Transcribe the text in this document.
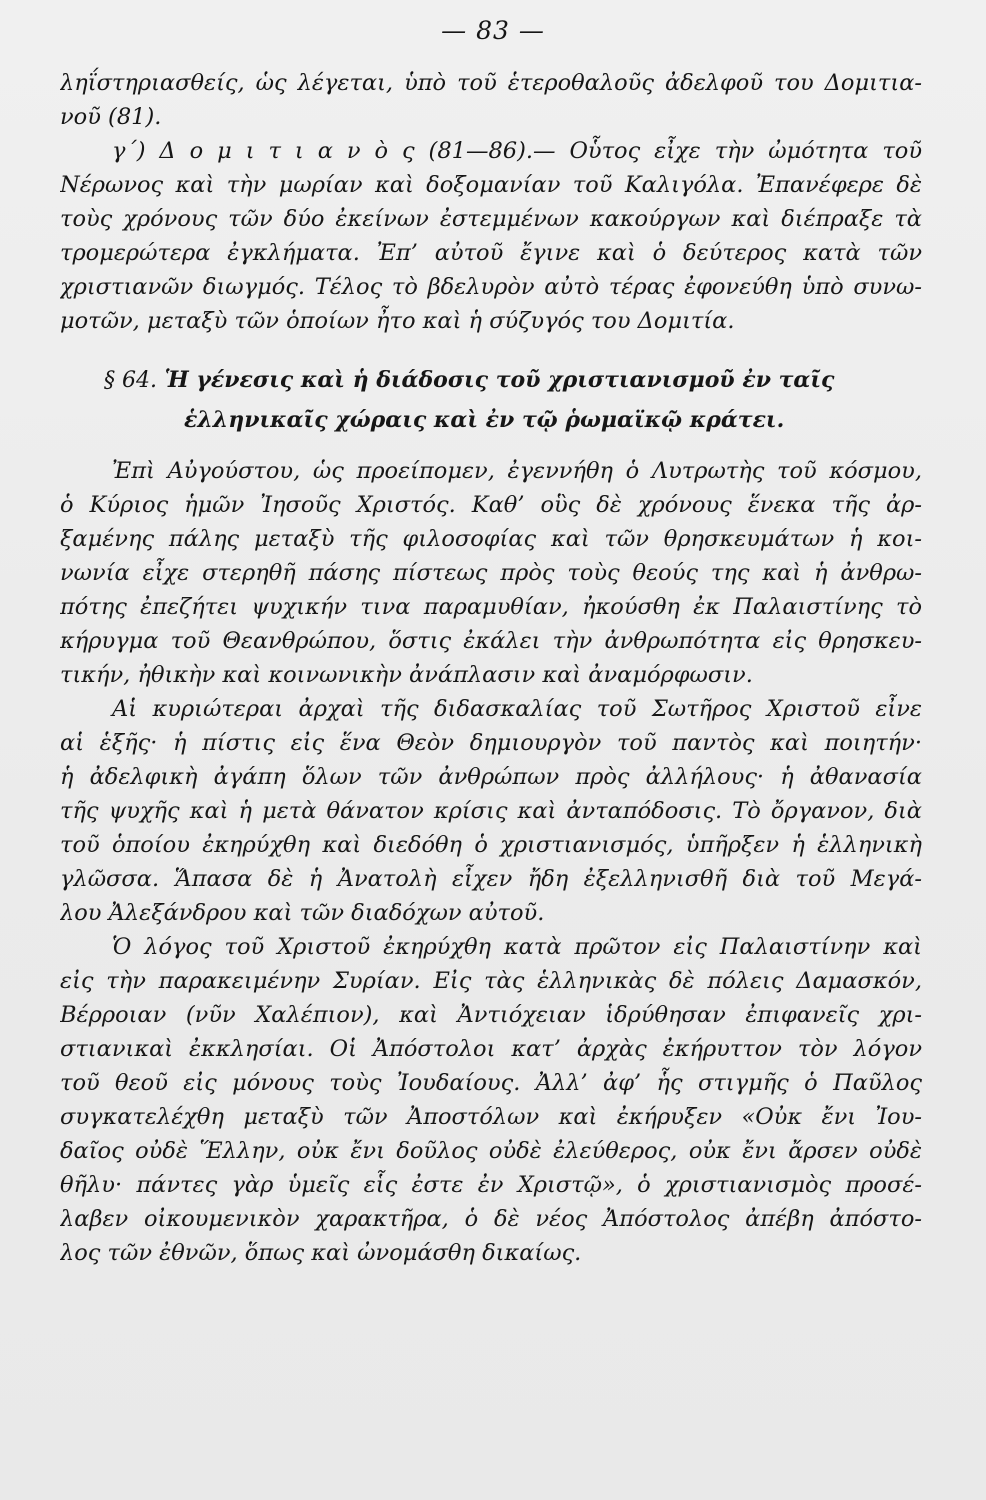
— 83 —
ληΐστηριασθείς, ὡς λέγεται, ὑπὸ τοῦ ἑτεροθαλοῦς ἀδελφοῦ του Δομιτια-
νοῦ (81).
γ΄) Δ ο μ ι τ ι α ν ὸ ς (81—86).— Οὗτος εἶχε τὴν ὠμότητα τοῦ
Νέρωνος καὶ τὴν μωρίαν καὶ δοξομανίαν τοῦ Καλιγόλα. Ἐπανέφερε δὲ
τοὺς χρόνους τῶν δύο ἐκείνων ἐστεμμένων κακούργων καὶ διέπραξε τὰ
τρομερώτερα ἐγκλήματα. Ἐπ’ αὐτοῦ ἔγινε καὶ ὁ δεύτερος κατὰ τῶν
χριστιανῶν διωγμός. Τέλος τὸ βδελυρὸν αὐτὸ τέρας ἐφονεύθη ὑπὸ συνω-
μοτῶν, μεταξὺ τῶν ὁποίων ἦτο καὶ ἡ σύζυγός του Δομιτία.
§ 64. Ἡ γένεσις καὶ ἡ διάδοσις τοῦ χριστιανισμοῦ ἐν ταῖς
ἑλληνικαῖς χώραις καὶ ἐν τῷ ῥωμαϊκῷ κράτει.
Ἐπὶ Αὐγούστου, ὡς προείπομεν, ἐγεννήθη ὁ Λυτρωτὴς τοῦ κόσμου,
ὁ Κύριος ἡμῶν Ἰησοῦς Χριστός. Καθ’ οὓς δὲ χρόνους ἕνεκα τῆς ἀρ-
ξαμένης πάλης μεταξὺ τῆς φιλοσοφίας καὶ τῶν θρησκευμάτων ἡ κοι-
νωνία εἶχε στερηθῆ πάσης πίστεως πρὸς τοὺς θεούς της καὶ ἡ ἀνθρω-
πότης ἐπεζήτει ψυχικήν τινα παραμυθίαν, ἠκούσθη ἐκ Παλαιστίνης τὸ
κήρυγμα τοῦ Θεανθρώπου, ὅστις ἐκάλει τὴν ἀνθρωπότητα εἰς θρησκευ-
τικήν, ἠθικὴν καὶ κοινωνικὴν ἀνάπλασιν καὶ ἀναμόρφωσιν.
Αἱ κυριώτεραι ἀρχαὶ τῆς διδασκαλίας τοῦ Σωτῆρος Χριστοῦ εἶνε
αἱ ἑξῆς· ἡ πίστις εἰς ἕνα Θεὸν δημιουργὸν τοῦ παντὸς καὶ ποιητήν·
ἡ ἀδελφικὴ ἀγάπη ὅλων τῶν ἀνθρώπων πρὸς ἀλλήλους· ἡ ἀθανασία
τῆς ψυχῆς καὶ ἡ μετὰ θάνατον κρίσις καὶ ἀνταπόδοσις. Τὸ ὄργανον, διὰ
τοῦ ὁποίου ἐκηρύχθη καὶ διεδόθη ὁ χριστιανισμός, ὑπῆρξεν ἡ ἑλληνικὴ
γλῶσσα. Ἅπασα δὲ ἡ Ἀνατολὴ εἶχεν ἤδη ἐξελληνισθῆ διὰ τοῦ Μεγά-
λου Ἀλεξάνδρου καὶ τῶν διαδόχων αὐτοῦ.
Ὁ λόγος τοῦ Χριστοῦ ἐκηρύχθη κατὰ πρῶτον εἰς Παλαιστίνην καὶ
εἰς τὴν παρακειμένην Συρίαν. Εἰς τὰς ἑλληνικὰς δὲ πόλεις Δαμασκόν,
Βέρροιαν (νῦν Χαλέπιον), καὶ Ἀντιόχειαν ἱδρύθησαν ἐπιφανεῖς χρι-
στιανικαὶ ἐκκλησίαι. Οἱ Ἀπόστολοι κατ’ ἀρχὰς ἐκήρυττον τὸν λόγον
τοῦ θεοῦ εἰς μόνους τοὺς Ἰουδαίους. Ἀλλ’ ἀφ’ ἧς στιγμῆς ὁ Παῦλος
συγκατελέχθη μεταξὺ τῶν Ἀποστόλων καὶ ἐκήρυξεν «Οὐκ ἔνι Ἰου-
δαῖος οὐδὲ Ἕλλην, οὐκ ἔνι δοῦλος οὐδὲ ἐλεύθερος, οὐκ ἔνι ἄρσεν οὐδὲ
θῆλυ· πάντες γὰρ ὑμεῖς εἷς ἐστε ἐν Χριστῷ», ὁ χριστιανισμὸς προσέ-
λαβεν οἰκουμενικὸν χαρακτῆρα, ὁ δὲ νέος Ἀπόστολος ἀπέβη ἀπόστο-
λος τῶν ἐθνῶν, ὅπως καὶ ὠνομάσθη δικαίως.
